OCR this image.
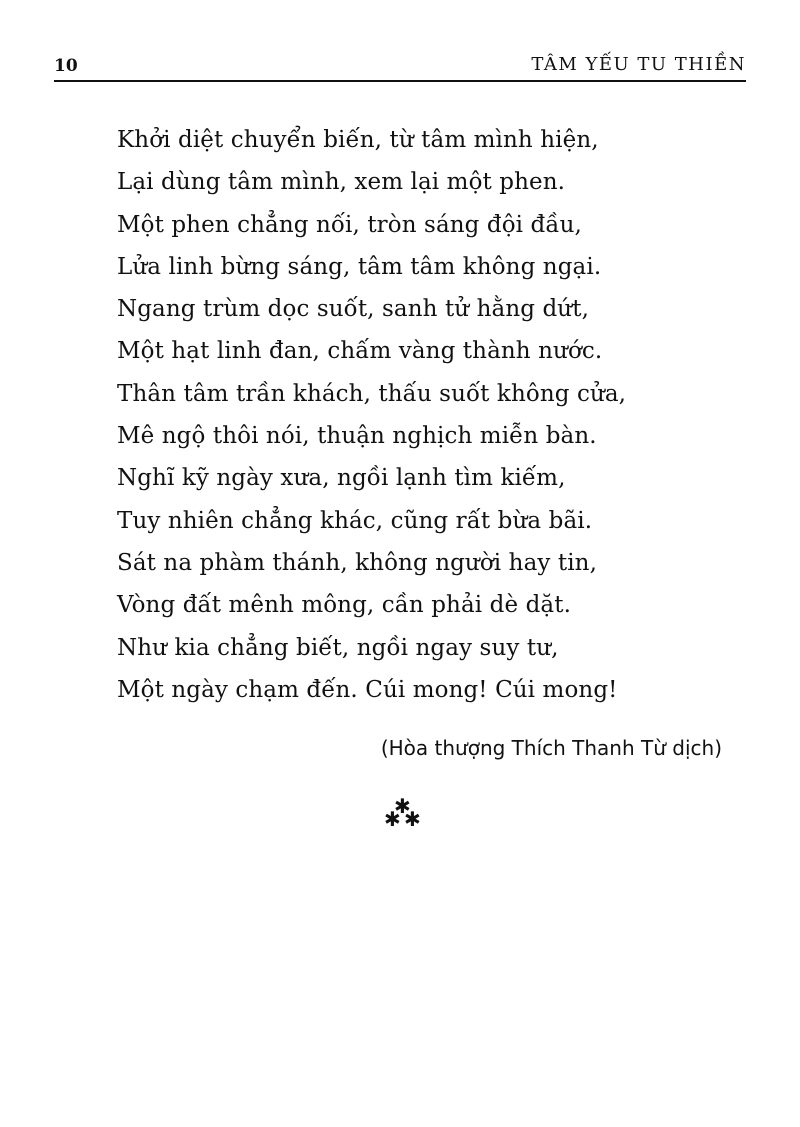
10	TÂM YẾU TU THIỀN
Khởi diệt chuyển biến, từ tâm mình hiện,
Lại dùng tâm mình, xem lại một phen.
Một phen chẳng nối, tròn sáng đội đầu,
Lửa linh bừng sáng, tâm tâm không ngại.
Ngang trùm dọc suốt, sanh tử hằng dứt,
Một hạt linh đan, chấm vàng thành nước.
Thân tâm trần khách, thấu suốt không cửa,
Mê ngộ thôi nói, thuận nghịch miễn bàn.
Nghĩ kỹ ngày xưa, ngồi lạnh tìm kiếm,
Tuy nhiên chẳng khác, cũng rất bừa bãi.
Sát na phàm thánh, không người hay tin,
Vòng đất mênh mông, cần phải dè dặt.
Như kia chẳng biết, ngồi ngay suy tư,
Một ngày chạm đến. Cúi mong! Cúi mong!
(Hòa thượng Thích Thanh Từ dịch)
✱
✱ ✱
